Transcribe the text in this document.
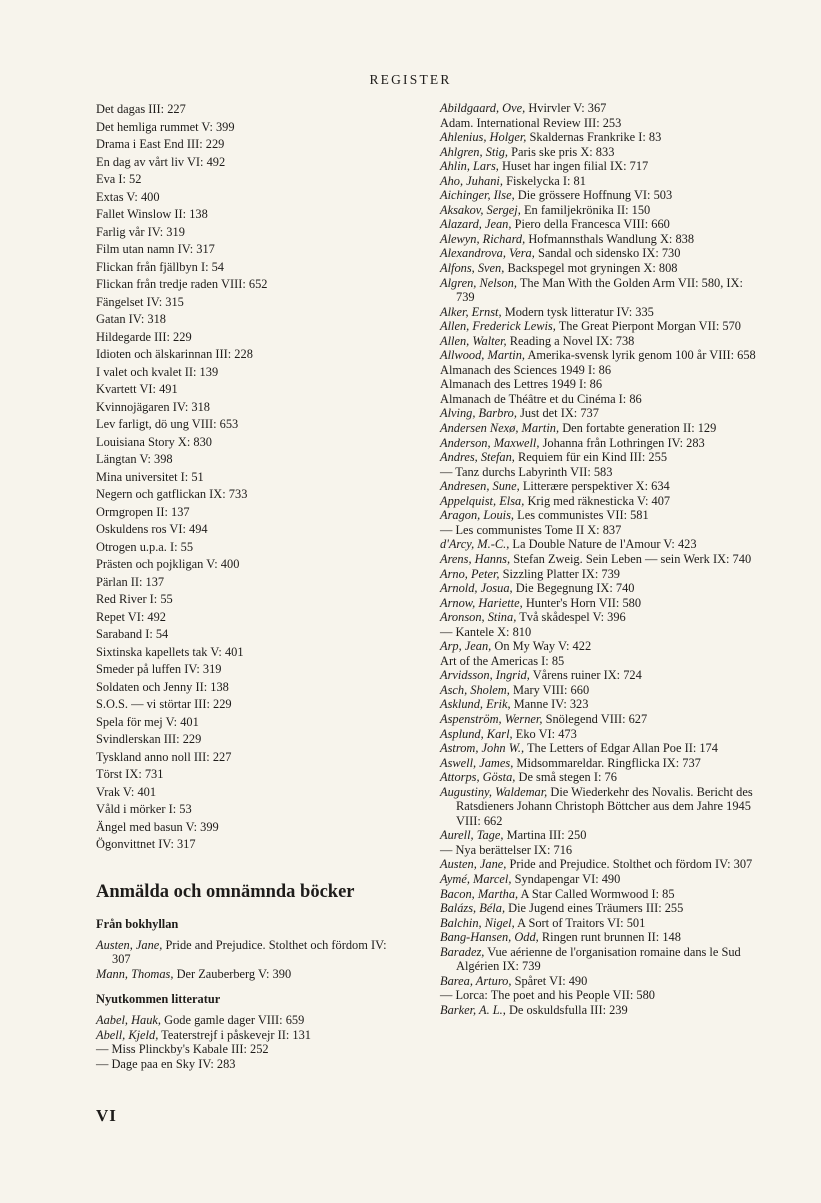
REGISTER
Det dagas III: 227
Det hemliga rummet V: 399
Drama i East End III: 229
En dag av vårt liv VI: 492
Eva I: 52
Extas V: 400
Fallet Winslow II: 138
Farlig vår IV: 319
Film utan namn IV: 317
Flickan från fjällbyn I: 54
Flickan från tredje raden VIII: 652
Fängelset IV: 315
Gatan IV: 318
Hildegarde III: 229
Idioten och älskarinnan III: 228
I valet och kvalet II: 139
Kvartett VI: 491
Kvinnojägaren IV: 318
Lev farligt, dö ung VIII: 653
Louisiana Story X: 830
Längtan V: 398
Mina universitet I: 51
Negern och gatflickan IX: 733
Ormgropen II: 137
Oskuldens ros VI: 494
Otrogen u.p.a. I: 55
Prästen och pojkligan V: 400
Pärlan II: 137
Red River I: 55
Repet VI: 492
Saraband I: 54
Sixtinska kapellets tak V: 401
Smeder på luffen IV: 319
Soldaten och Jenny II: 138
S.O.S. — vi störtar III: 229
Spela för mej V: 401
Svindlerskan III: 229
Tyskland anno noll III: 227
Törst IX: 731
Vrak V: 401
Våld i mörker I: 53
Ängel med basun V: 399
Ögonvittnet IV: 317
Anmälda och omnämnda böcker
Från bokhyllan
Austen, Jane, Pride and Prejudice. Stolthet och fördom IV: 307
Mann, Thomas, Der Zauberberg V: 390
Nyutkommen litteratur
Aabel, Hauk, Gode gamle dager VIII: 659
Abell, Kjeld, Teaterstrejf i påskevejr II: 131
— Miss Plinckby's Kabale III: 252
— Dage paa en Sky IV: 283
Abildgaard, Ove, Hvirvler V: 367
Adam. International Review III: 253
Ahlenius, Holger, Skaldernas Frankrike I: 83
Ahlgren, Stig, Paris ske pris X: 833
Ahlin, Lars, Huset har ingen filial IX: 717
Aho, Juhani, Fiskelycka I: 81
Aichinger, Ilse, Die grössere Hoffnung VI: 503
Aksakov, Sergej, En familjekrönika II: 150
Alazard, Jean, Piero della Francesca VIII: 660
Alewyn, Richard, Hofmannsthals Wandlung X: 838
Alexandrova, Vera, Sandal och sidensko IX: 730
Alfons, Sven, Backspegel mot gryningen X: 808
Algren, Nelson, The Man With the Golden Arm VII: 580, IX: 739
Alker, Ernst, Modern tysk litteratur IV: 335
Allen, Frederick Lewis, The Great Pierpont Morgan VII: 570
Allen, Walter, Reading a Novel IX: 738
Allwood, Martin, Amerika-svensk lyrik genom 100 år VIII: 658
Almanach des Sciences 1949 I: 86
Almanach des Lettres 1949 I: 86
Almanach de Théâtre et du Cinéma I: 86
Alving, Barbro, Just det IX: 737
Andersen Nexø, Martin, Den fortabte generation II: 129
Anderson, Maxwell, Johanna från Lothringen IV: 283
Andres, Stefan, Requiem für ein Kind III: 255
— Tanz durchs Labyrinth VII: 583
Andresen, Sune, Litterære perspektiver X: 634
Appelquist, Elsa, Krig med räknesticka V: 407
Aragon, Louis, Les communistes VII: 581
— Les communistes Tome II X: 837
d'Arcy, M.-C., La Double Nature de l'Amour V: 423
Arens, Hanns, Stefan Zweig. Sein Leben — sein Werk IX: 740
Arno, Peter, Sizzling Platter IX: 739
Arnold, Josua, Die Begegnung IX: 740
Arnow, Hariette, Hunter's Horn VII: 580
Aronson, Stina, Två skådespel V: 396
— Kantele X: 810
Arp, Jean, On My Way V: 422
Art of the Americas I: 85
Arvidsson, Ingrid, Vårens ruiner IX: 724
Asch, Sholem, Mary VIII: 660
Asklund, Erik, Manne IV: 323
Aspenström, Werner, Snölegend VIII: 627
Asplund, Karl, Eko VI: 473
Astrom, John W., The Letters of Edgar Allan Poe II: 174
Aswell, James, Midsommareldar. Ringflicka IX: 737
Attorps, Gösta, De små stegen I: 76
Augustiny, Waldemar, Die Wiederkehr des Novalis. Bericht des Ratsdieners Johann Christoph Böttcher aus dem Jahre 1945 VIII: 662
Aurell, Tage, Martina III: 250
— Nya berättelser IX: 716
Austen, Jane, Pride and Prejudice. Stolthet och fördom IV: 307
Aymé, Marcel, Syndapengar VI: 490
Bacon, Martha, A Star Called Wormwood I: 85
Balázs, Béla, Die Jugend eines Träumers III: 255
Balchin, Nigel, A Sort of Traitors VI: 501
Bang-Hansen, Odd, Ringen runt brunnen II: 148
Baradez, Vue aérienne de l'organisation romaine dans le Sud Algérien IX: 739
Barea, Arturo, Spåret VI: 490
— Lorca: The poet and his People VII: 580
Barker, A. L., De oskuldsfulla III: 239
VI
